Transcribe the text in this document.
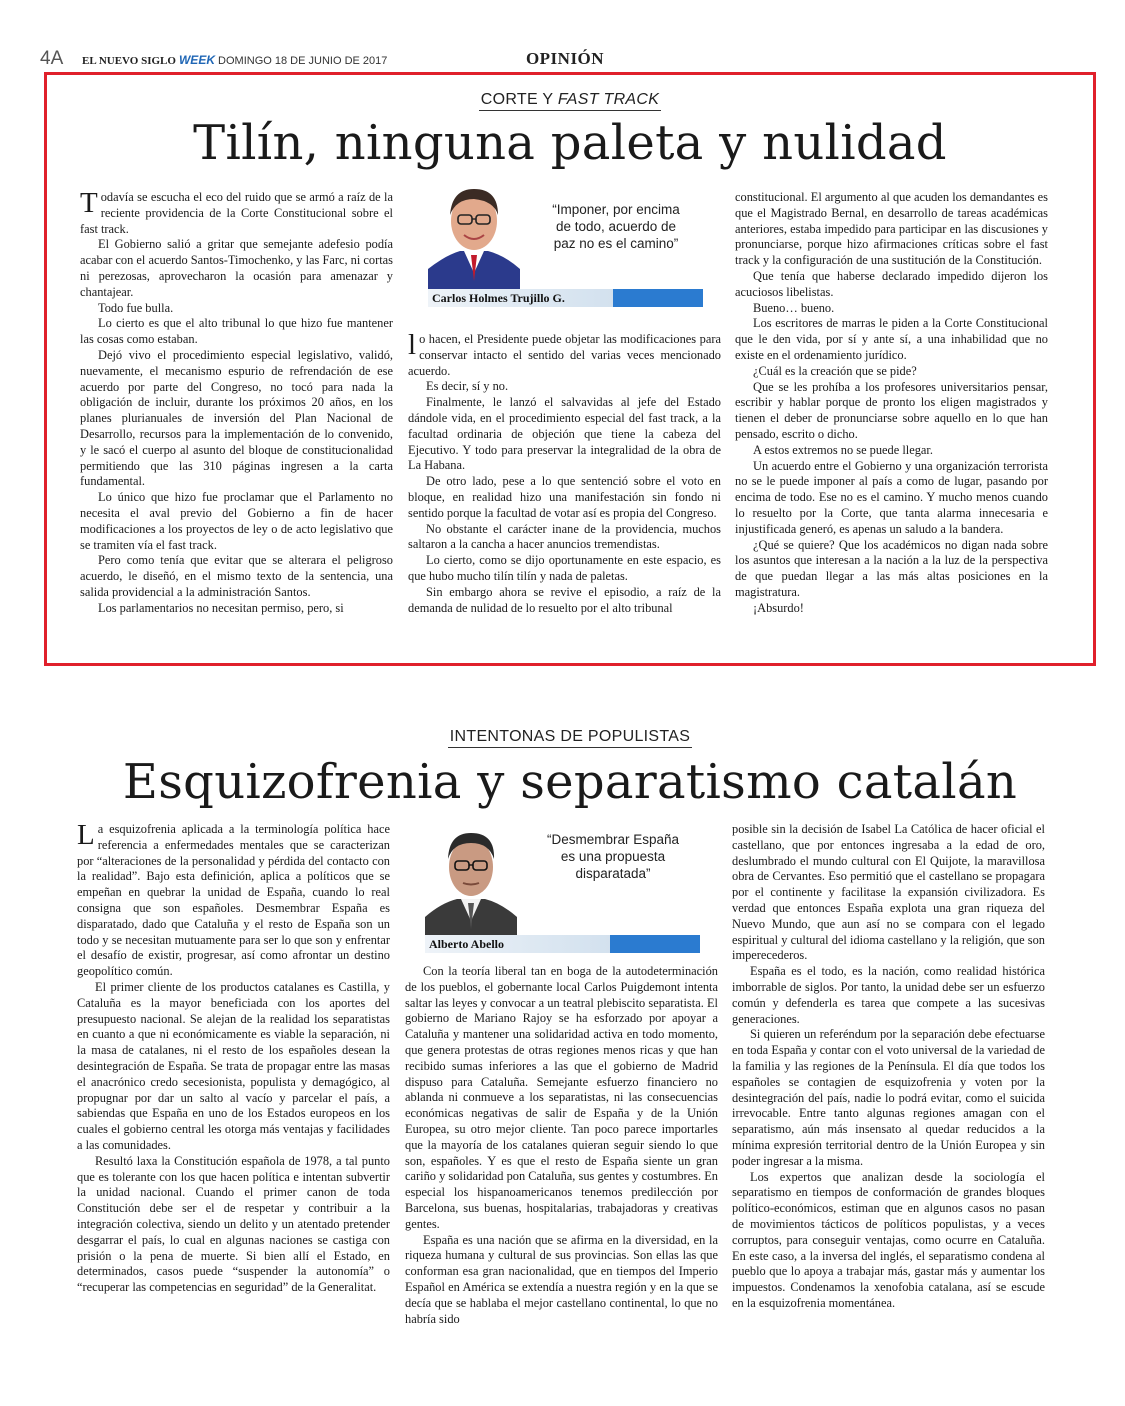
4A EL NUEVO SIGLO WEEK DOMINGO 18 DE JUNIO DE 2017	OPINIÓN
CORTE Y FAST TRACK
Tilín, ninguna paleta y nulidad

Todavía se escucha el eco del ruido que se armó a raíz de la reciente providencia de la Corte Constitucional sobre el fast track.

El Gobierno salió a gritar que semejante adefesio podía acabar con el acuerdo Santos-Timochenko, y las Farc, ni cortas ni perezosas, aprovecharon la ocasión para amenazar y chantajear.

Todo fue bulla.

Lo cierto es que el alto tribunal lo que hizo fue mantener las cosas como estaban.

Dejó vivo el procedimiento especial legislativo, validó, nuevamente, el mecanismo espurio de refrendación de ese acuerdo por parte del Congreso, no tocó para nada la obligación de incluir, durante los próximos 20 años, en los planes plurianuales de inversión del Plan Nacional de Desarrollo, recursos para la implementación de lo convenido, y le sacó el cuerpo al asunto del bloque de constitucionalidad permitiendo que las 310 páginas ingresen a la carta fundamental.

Lo único que hizo fue proclamar que el Parlamento no necesita el aval previo del Gobierno a fin de hacer modificaciones a los proyectos de ley o de acto legislativo que se tramiten vía el fast track.

Pero como tenía que evitar que se alterara el peligroso acuerdo, le diseñó, en el mismo texto de la sentencia, una salida providencial a la administración Santos.

Los parlamentarios no necesitan permiso, pero, si

“Imponer, por encima de todo, acuerdo de paz no es el camino”
Carlos Holmes Trujillo G.

lo hacen, el Presidente puede objetar las modificaciones para conservar intacto el sentido del varias veces mencionado acuerdo.

Es decir, sí y no.

Finalmente, le lanzó el salvavidas al jefe del Estado dándole vida, en el procedimiento especial del fast track, a la facultad ordinaria de objeción que tiene la cabeza del Ejecutivo. Y todo para preservar la integralidad de la obra de La Habana.

De otro lado, pese a lo que sentenció sobre el voto en bloque, en realidad hizo una manifestación sin fondo ni sentido porque la facultad de votar así es propia del Congreso.

No obstante el carácter inane de la providencia, muchos saltaron a la cancha a hacer anuncios tremendistas.

Lo cierto, como se dijo oportunamente en este espacio, es que hubo mucho tilín tilín y nada de paletas.

Sin embargo ahora se revive el episodio, a raíz de la demanda de nulidad de lo resuelto por el alto tribunal

constitucional. El argumento al que acuden los demandantes es que el Magistrado Bernal, en desarrollo de tareas académicas anteriores, estaba impedido para participar en las discusiones y pronunciarse, porque hizo afirmaciones críticas sobre el fast track y la configuración de una sustitución de la Constitución.

Que tenía que haberse declarado impedido dijeron los acuciosos libelistas.

Bueno… bueno.

Los escritores de marras le piden a la Corte Constitucional que le den vida, por sí y ante sí, a una inhabilidad que no existe en el ordenamiento jurídico.

¿Cuál es la creación que se pide?

Que se les prohíba a los profesores universitarios pensar, escribir y hablar porque de pronto los eligen magistrados y tienen el deber de pronunciarse sobre aquello en lo que han pensado, escrito o dicho.

A estos extremos no se puede llegar.

Un acuerdo entre el Gobierno y una organización terrorista no se le puede imponer al país a como de lugar, pasando por encima de todo. Ese no es el camino. Y mucho menos cuando lo resuelto por la Corte, que tanta alarma innecesaria e injustificada generó, es apenas un saludo a la bandera.

¿Qué se quiere? Que los académicos no digan nada sobre los asuntos que interesan a la nación a la luz de la perspectiva de que puedan llegar a las más altas posiciones en la magistratura.

¡Absurdo!

INTENTONAS DE POPULISTAS
Esquizofrenia y separatismo catalán

La esquizofrenia aplicada a la terminología política hace referencia a enfermedades mentales que se caracterizan por “alteraciones de la personalidad y pérdida del contacto con la realidad”. Bajo esta definición, aplica a políticos que se empeñan en quebrar la unidad de España, cuando lo real consigna que son españoles. Desmembrar España es disparatado, dado que Cataluña y el resto de España son un todo y se necesitan mutuamente para ser lo que son y enfrentar el desafío de existir, progresar, así como afrontar un destino geopolítico común.

El primer cliente de los productos catalanes es Castilla, y Cataluña es la mayor beneficiada con los aportes del presupuesto nacional. Se alejan de la realidad los separatistas en cuanto a que ni económicamente es viable la separación, ni la masa de catalanes, ni el resto de los españoles desean la desintegración de España. Se trata de propagar entre las masas el anacrónico credo secesionista, populista y demagógico, al propugnar por dar un salto al vacío y parcelar el país, a sabiendas que España en uno de los Estados europeos en los cuales el gobierno central les otorga más ventajas y facilidades a las comunidades.

Resultó laxa la Constitución española de 1978, a tal punto que es tolerante con los que hacen política e intentan subvertir la unidad nacional. Cuando el primer canon de toda Constitución debe ser el de respetar y contribuir a la integración colectiva, siendo un delito y un atentado pretender desgarrar el país, lo cual en algunas naciones se castiga con prisión o la pena de muerte. Si bien allí el Estado, en determinados, casos puede “suspender la autonomía” o “recuperar las competencias en seguridad” de la Generalitat.

“Desmembrar España es una propuesta disparatada”
Alberto Abello

Con la teoría liberal tan en boga de la autodeterminación de los pueblos, el gobernante local Carlos Puigdemont intenta saltar las leyes y convocar a un teatral plebiscito separatista. El gobierno de Mariano Rajoy se ha esforzado por apoyar a Cataluña y mantener una solidaridad activa en todo momento, que genera protestas de otras regiones menos ricas y que han recibido sumas inferiores a las que el gobierno de Madrid dispuso para Cataluña. Semejante esfuerzo financiero no ablanda ni conmueve a los separatistas, ni las consecuencias económicas negativas de salir de España y de la Unión Europea, su otro mejor cliente. Tan poco parece importarles que la mayoría de los catalanes quieran seguir siendo lo que son, españoles. Y es que el resto de España siente un gran cariño y solidaridad pon Cataluña, sus gentes y costumbres. En especial los hispanoamericanos tenemos predilección por Barcelona, sus buenas, hospitalarias, trabajadoras y creativas gentes.

España es una nación que se afirma en la diversidad, en la riqueza humana y cultural de sus provincias. Son ellas las que conforman esa gran nacionalidad, que en tiempos del Imperio Español en América se extendía a nuestra región y en la que se decía que se hablaba el mejor castellano continental, lo que no habría sido

posible sin la decisión de Isabel La Católica de hacer oficial el castellano, que por entonces ingresaba a la edad de oro, deslumbrado el mundo cultural con El Quijote, la maravillosa obra de Cervantes. Eso permitió que el castellano se propagara por el continente y facilitase la expansión civilizadora. Es verdad que entonces España explota una gran riqueza del Nuevo Mundo, que aun así no se compara con el legado espiritual y cultural del idioma castellano y la religión, que son imperecederos.

España es el todo, es la nación, como realidad histórica imborrable de siglos. Por tanto, la unidad debe ser un esfuerzo común y defenderla es tarea que compete a las sucesivas generaciones.

Si quieren un referéndum por la separación debe efectuarse en toda España y contar con el voto universal de la variedad de la familia y las regiones de la Península. El día que todos los españoles se contagien de esquizofrenia y voten por la desintegración del país, nadie lo podrá evitar, como el suicida irrevocable. Entre tanto algunas regiones amagan con el separatismo, aún más insensato al quedar reducidos a la mínima expresión territorial dentro de la Unión Europea y sin poder ingresar a la misma.

Los expertos que analizan desde la sociología el separatismo en tiempos de conformación de grandes bloques político-económicos, estiman que en algunos casos no pasan de movimientos tácticos de políticos populistas, y a veces corruptos, para conseguir ventajas, como ocurre en Cataluña. En este caso, a la inversa del inglés, el separatismo condena al pueblo que lo apoya a trabajar más, gastar más y aumentar los impuestos. Condenamos la xenofobia catalana, así se escude en la esquizofrenia momentánea.
